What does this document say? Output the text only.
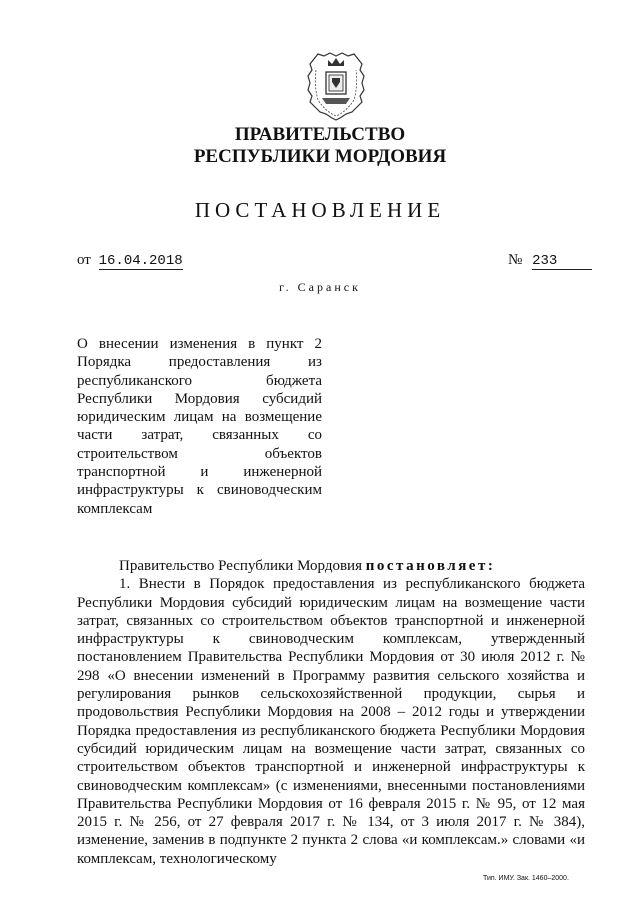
ПРАВИТЕЛЬСТВО
РЕСПУБЛИКИ МОРДОВИЯ
ПОСТАНОВЛЕНИЕ
от 16.04.2018	№ 233
г. Саранск
О внесении изменения в пункт 2 Порядка предоставления из республиканского бюджета Республики Мордовия субсидий юридическим лицам на возмещение части затрат, связанных со строительством объектов транспортной и инженерной инфраструктуры к свиноводческим комплексам

Правительство Республики Мордовия постановляет:

1. Внести в Порядок предоставления из республиканского бюджета Республики Мордовия субсидий юридическим лицам на возмещение части затрат, связанных со строительством объектов транспортной и инженерной инфраструктуры к свиноводческим комплексам, утвержденный постановлением Правительства Республики Мордовия от 30 июля 2012 г. № 298 «О внесении изменений в Программу развития сельского хозяйства и регулирования рынков сельскохозяйственной продукции, сырья и продовольствия Республики Мордовия на 2008 – 2012 годы и утверждении Порядка предоставления из республиканского бюджета Республики Мордовия субсидий юридическим лицам на возмещение части затрат, связанных со строительством объектов транспортной и инженерной инфраструктуры к свиноводческим комплексам» (с изменениями, внесенными постановлениями Правительства Республики Мордовия от 16 февраля 2015 г. № 95, от 12 мая 2015 г. № 256, от 27 февраля 2017 г. № 134, от 3 июля 2017 г. № 384), изменение, заменив в подпункте 2 пункта 2 слова «и комплексам.» словами «и комплексам, технологическому

Тип. ИМУ. Зак. 1460–2000.
